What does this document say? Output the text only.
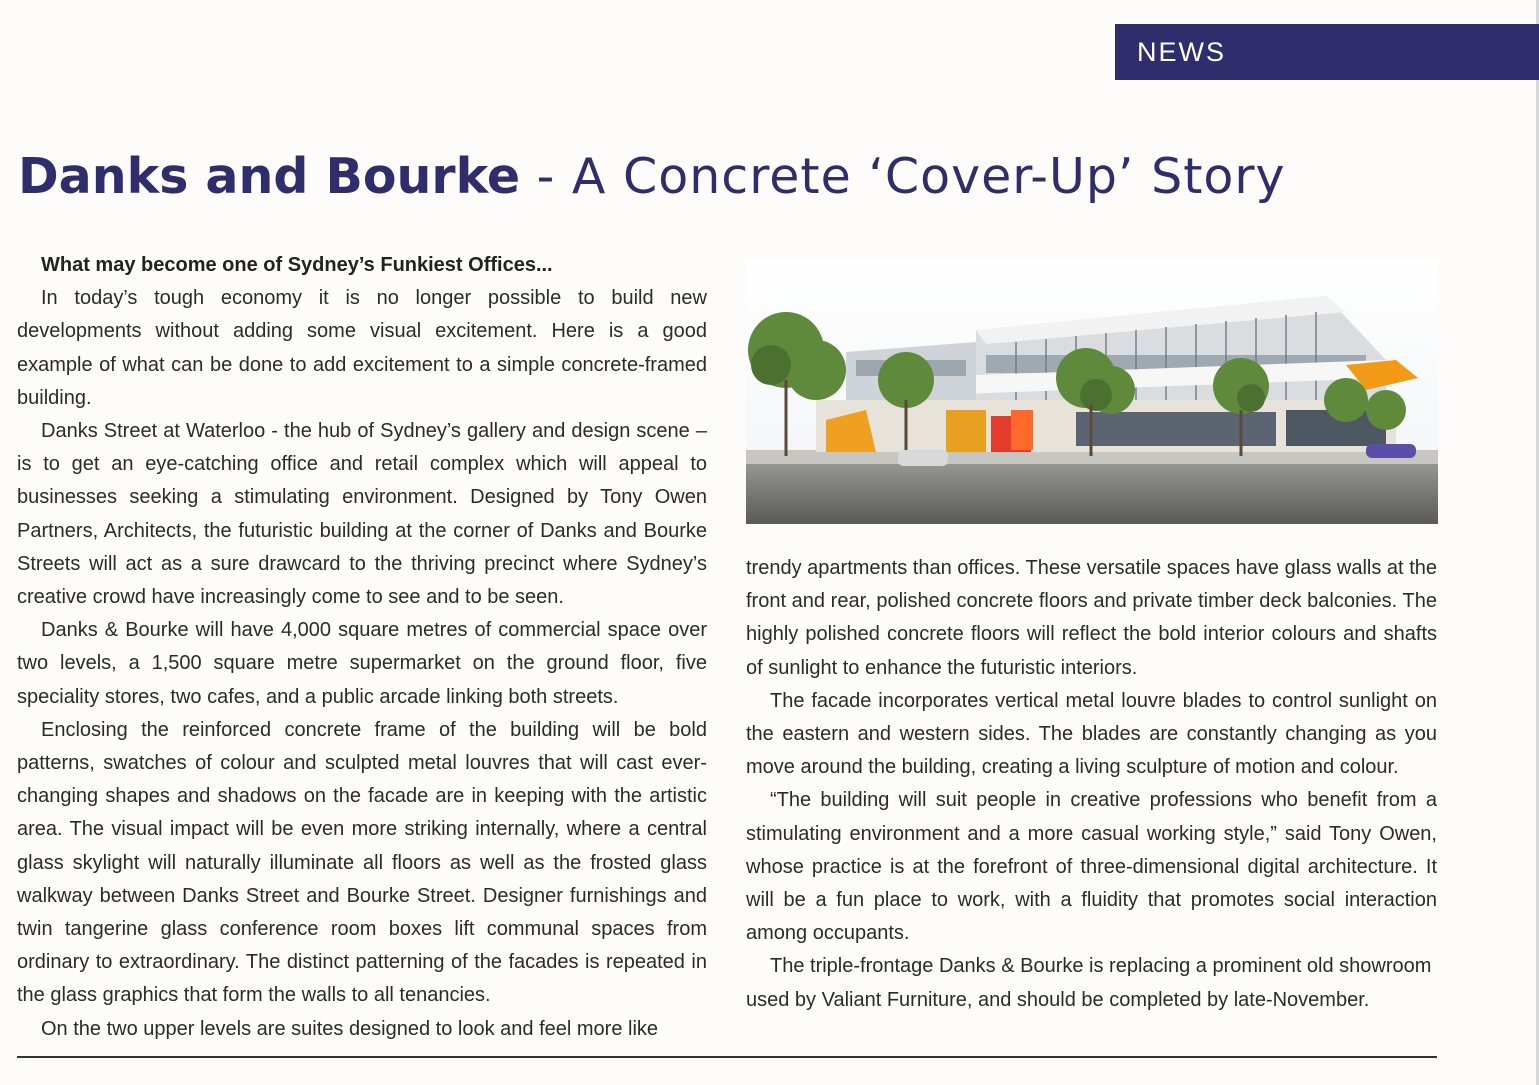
NEWS
Danks and Bourke - A Concrete ‘Cover-Up’ Story

What may become one of Sydney’s Funkiest Offices...

In today’s tough economy it is no longer possible to build new developments without adding some visual excitement. Here is a good example of what can be done to add excitement to a simple concrete-framed building.

Danks Street at Waterloo - the hub of Sydney’s gallery and design scene – is to get an eye-catching office and retail complex which will appeal to businesses seeking a stimulating environment. Designed by Tony Owen Partners, Architects, the futuristic building at the corner of Danks and Bourke Streets will act as a sure drawcard to the thriving precinct where Sydney’s creative crowd have increasingly come to see and to be seen.

Danks & Bourke will have 4,000 square metres of commercial space over two levels, a 1,500 square metre supermarket on the ground floor, five speciality stores, two cafes, and a public arcade linking both streets.

Enclosing the reinforced concrete frame of the building will be bold patterns, swatches of colour and sculpted metal louvres that will cast ever-changing shapes and shadows on the facade are in keeping with the artistic area. The visual impact will be even more striking internally, where a central glass skylight will naturally illuminate all floors as well as the frosted glass walkway between Danks Street and Bourke Street. Designer furnishings and twin tangerine glass conference room boxes lift communal spaces from ordinary to extraordinary. The distinct patterning of the facades is repeated in the glass graphics that form the walls to all tenancies.

On the two upper levels are suites designed to look and feel more like

trendy apartments than offices. These versatile spaces have glass walls at the front and rear, polished concrete floors and private timber deck balconies. The highly polished concrete floors will reflect the bold interior colours and shafts of sunlight to enhance the futuristic interiors.

The facade incorporates vertical metal louvre blades to control sunlight on the eastern and western sides. The blades are constantly changing as you move around the building, creating a living sculpture of motion and colour.

“The building will suit people in creative professions who benefit from a stimulating environment and a more casual working style,” said Tony Owen, whose practice is at the forefront of three-dimensional digital architecture. It will be a fun place to work, with a fluidity that promotes social interaction among occupants.

The triple-frontage Danks & Bourke is replacing a prominent old showroom used by Valiant Furniture, and should be completed by late-November.
